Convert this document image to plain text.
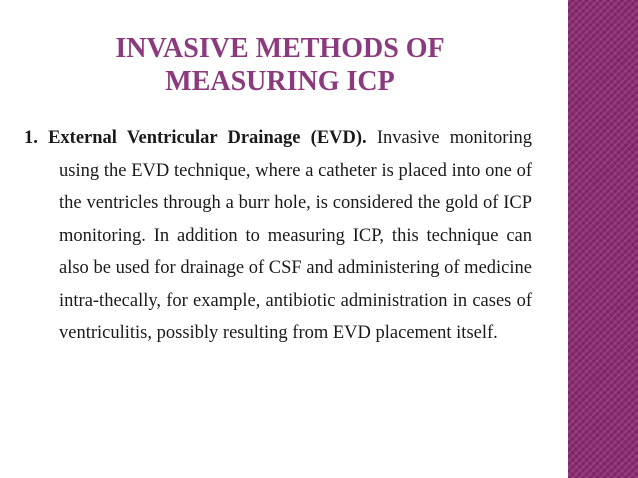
INVASIVE METHODS OF
MEASURING ICP

1. External Ventricular Drainage (EVD). Invasive monitoring using the EVD technique, where a catheter is placed into one of the ventricles through a burr hole, is considered the gold of ICP monitoring. In addition to measuring ICP, this technique can also be used for drainage of CSF and administering of medicine intra-thecally, for example, antibiotic administration in cases of ventriculitis, possibly resulting from EVD placement itself.
